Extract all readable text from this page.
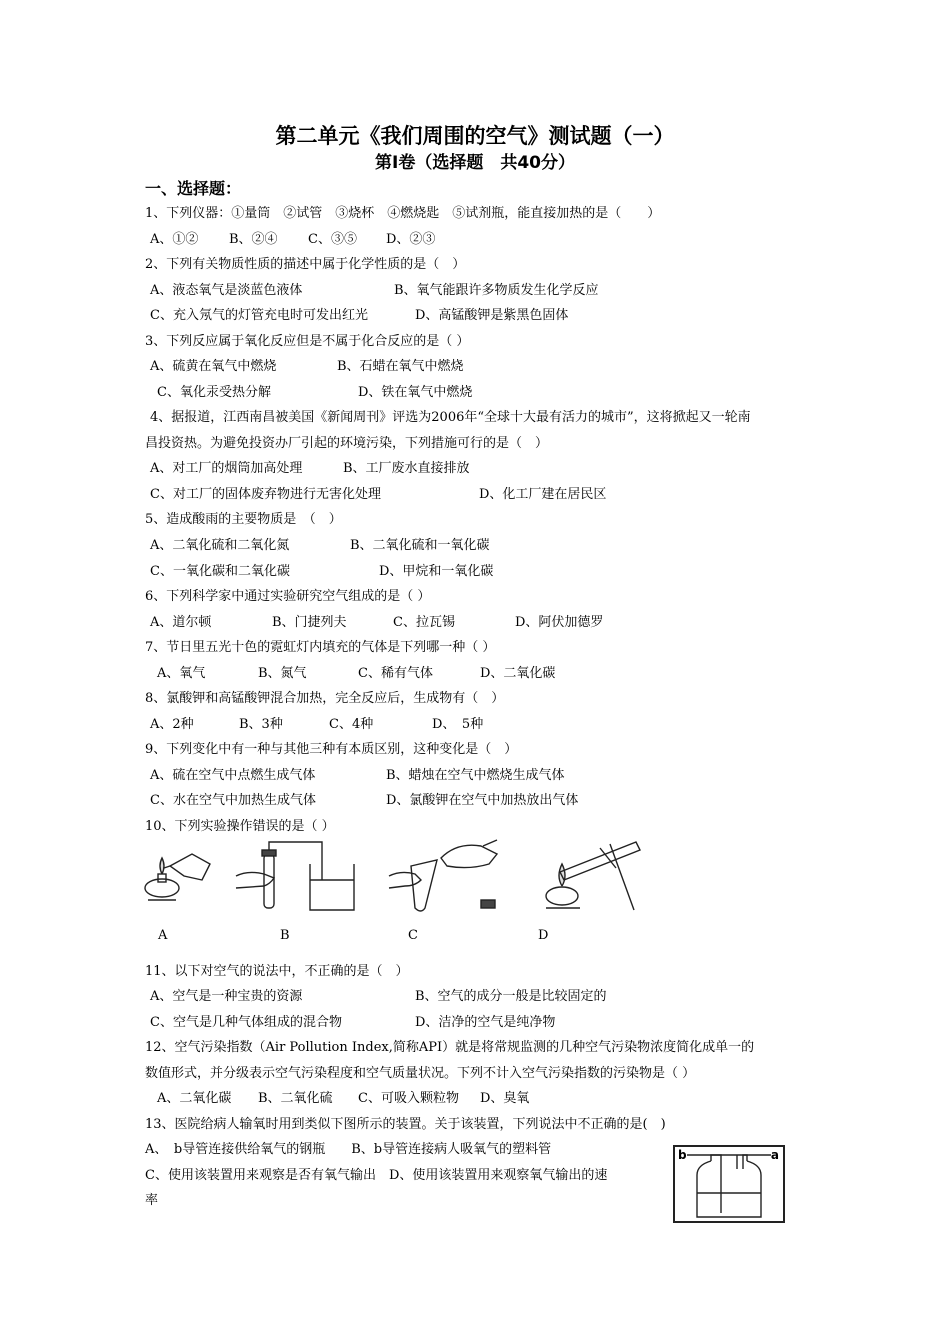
第二单元《我们周围的空气》测试题（一）
第Ⅰ卷（选择题　共40分）
一、选择题：
1、下列仪器：①量筒　②试管　③烧杯　④燃烧匙　⑤试剂瓶，能直接加热的是（　　）
A、①② B、②④ C、③⑤ D、②③
2、下列有关物质性质的描述中属于化学性质的是（　）
A、液态氧气是淡蓝色液体	B、氧气能跟许多物质发生化学反应
C、充入氖气的灯管充电时可发出红光	D、高锰酸钾是紫黑色固体
3、下列反应属于氧化反应但是不属于化合反应的是（ ）
A、硫黄在氧气中燃烧	B、石蜡在氧气中燃烧
C、氧化汞受热分解	D、铁在氧气中燃烧
4、据报道，江西南昌被美国《新闻周刊》评选为2006年“全球十大最有活力的城市”，这将掀起又一轮南
昌投资热。为避免投资办厂引起的环境污染，下列措施可行的是（　）
A、对工厂的烟筒加高处理	B、工厂废水直接排放
C、对工厂的固体废弃物进行无害化处理	D、化工厂建在居民区
5、造成酸雨的主要物质是　（　）
A、二氧化硫和二氧化氮	B、二氧化硫和一氧化碳
C、一氧化碳和二氧化碳	D、甲烷和一氧化碳
6、下列科学家中通过实验研究空气组成的是（ ）
A、道尔顿	B、门捷列夫	C、拉瓦锡	D、阿伏加德罗
7、节日里五光十色的霓虹灯内填充的气体是下列哪一种（ ）
A、氧气	B、氮气	C、稀有气体	D、二氧化碳
8、氯酸钾和高锰酸钾混合加热，完全反应后，生成物有（　）
A、2种	B、3种	C、4种	D、　5种
9、下列变化中有一种与其他三种有本质区别，这种变化是（　）
A、硫在空气中点燃生成气体	B、蜡烛在空气中燃烧生成气体
C、水在空气中加热生成气体	D、氯酸钾在空气中加热放出气体
10、下列实验操作错误的是（ ）
A	B	C	D
11、以下对空气的说法中，不正确的是（　）
A、空气是一种宝贵的资源	B、空气的成分一般是比较固定的
C、空气是几种气体组成的混合物	D、洁净的空气是纯净物
12、空气污染指数（Air Pollution Index,简称API）就是将常规监测的几种空气污染物浓度简化成单一的
数值形式，并分级表示空气污染程度和空气质量状况。下列不计入空气污染指数的污染物是（ ）
A、二氧化碳 B、二氧化硫 C、可吸入颗粒物 D、臭氧
13、医院给病人输氧时用到类似下图所示的装置。关于该装置，下列说法中不正确的是(　)
A、　b导管连接供给氧气的钢瓶　　B、b导管连接病人吸氧气的塑料管
C、使用该装置用来观察是否有氧气输出　D、使用该装置用来观察氧气输出的速
率
b	a
